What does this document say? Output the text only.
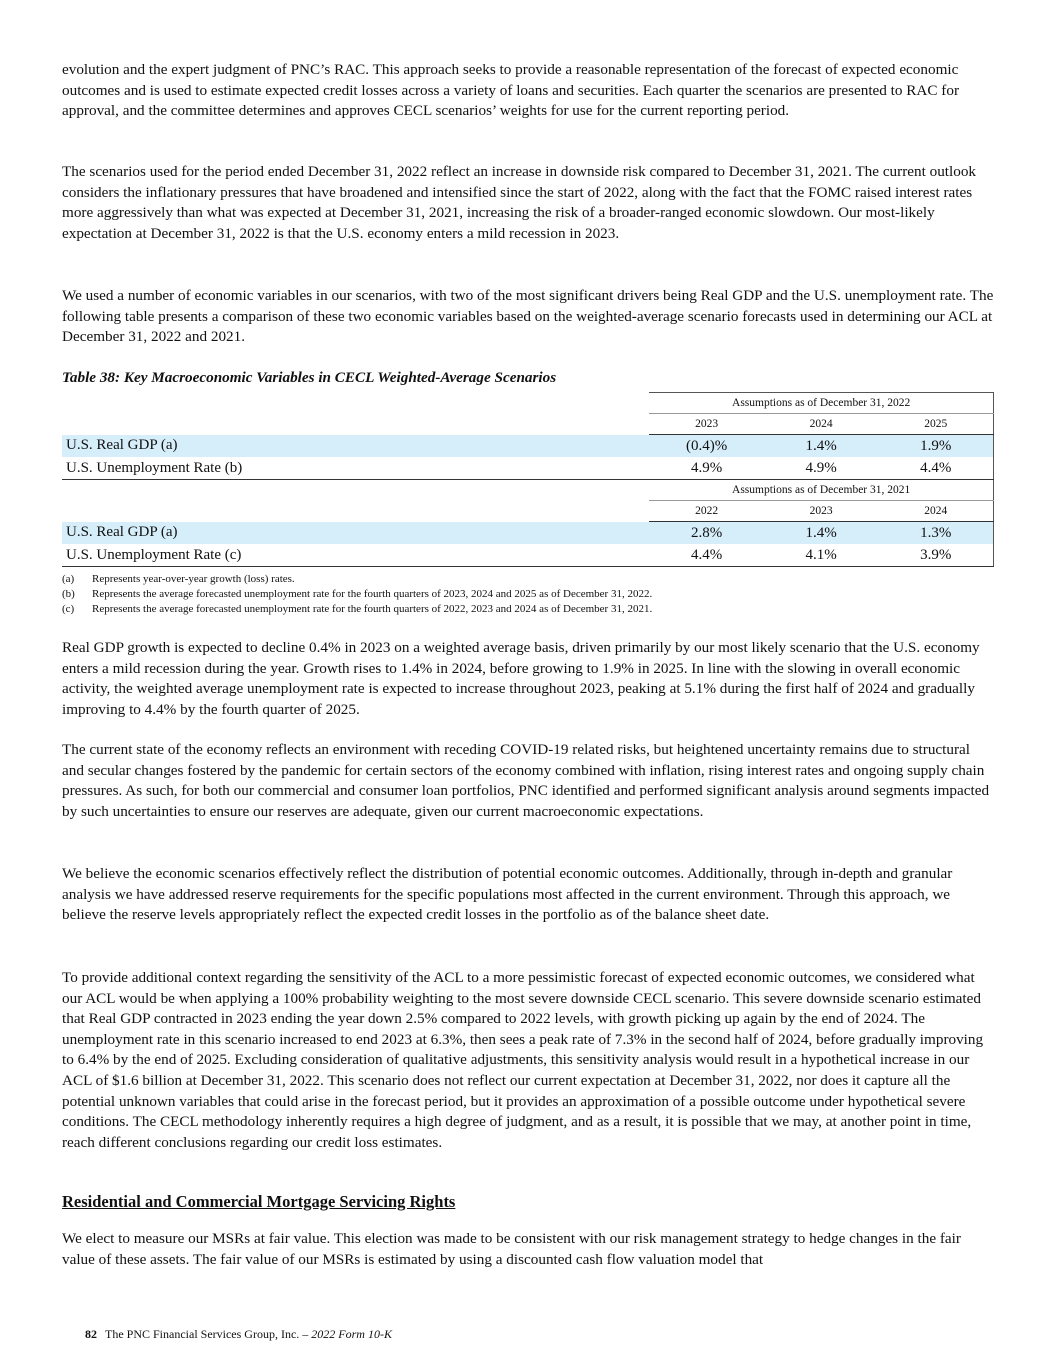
evolution and the expert judgment of PNC’s RAC. This approach seeks to provide a reasonable representation of the forecast of expected economic outcomes and is used to estimate expected credit losses across a variety of loans and securities. Each quarter the scenarios are presented to RAC for approval, and the committee determines and approves CECL scenarios’ weights for use for the current reporting period.

The scenarios used for the period ended December 31, 2022 reflect an increase in downside risk compared to December 31, 2021. The current outlook considers the inflationary pressures that have broadened and intensified since the start of 2022, along with the fact that the FOMC raised interest rates more aggressively than what was expected at December 31, 2021, increasing the risk of a broader-ranged economic slowdown. Our most-likely expectation at December 31, 2022 is that the U.S. economy enters a mild recession in 2023.

We used a number of economic variables in our scenarios, with two of the most significant drivers being Real GDP and the U.S. unemployment rate. The following table presents a comparison of these two economic variables based on the weighted-average scenario forecasts used in determining our ACL at December 31, 2022 and 2021.

Table 38: Key Macroeconomic Variables in CECL Weighted-Average Scenarios
	Assumptions as of December 31, 2022		
	2023	2024	2025
U.S. Real GDP (a)	(0.4)%	1.4%	1.9%
U.S. Unemployment Rate (b)	4.9%	4.9%	4.4%
	Assumptions as of December 31, 2021		
	2022	2023	2024
U.S. Real GDP (a)	2.8%	1.4%	1.3%
U.S. Unemployment Rate (c)	4.4%	4.1%	3.9%
(a)	Represents year-over-year growth (loss) rates.
(b)	Represents the average forecasted unemployment rate for the fourth quarters of 2023, 2024 and 2025 as of December 31, 2022.
(c)	Represents the average forecasted unemployment rate for the fourth quarters of 2022, 2023 and 2024 as of December 31, 2021.

Real GDP growth is expected to decline 0.4% in 2023 on a weighted average basis, driven primarily by our most likely scenario that the U.S. economy enters a mild recession during the year. Growth rises to 1.4% in 2024, before growing to 1.9% in 2025. In line with the slowing in overall economic activity, the weighted average unemployment rate is expected to increase throughout 2023, peaking at 5.1% during the first half of 2024 and gradually improving to 4.4% by the fourth quarter of 2025.

The current state of the economy reflects an environment with receding COVID-19 related risks, but heightened uncertainty remains due to structural and secular changes fostered by the pandemic for certain sectors of the economy combined with inflation, rising interest rates and ongoing supply chain pressures. As such, for both our commercial and consumer loan portfolios, PNC identified and performed significant analysis around segments impacted by such uncertainties to ensure our reserves are adequate, given our current macroeconomic expectations.

We believe the economic scenarios effectively reflect the distribution of potential economic outcomes. Additionally, through in-depth and granular analysis we have addressed reserve requirements for the specific populations most affected in the current environment. Through this approach, we believe the reserve levels appropriately reflect the expected credit losses in the portfolio as of the balance sheet date.

To provide additional context regarding the sensitivity of the ACL to a more pessimistic forecast of expected economic outcomes, we considered what our ACL would be when applying a 100% probability weighting to the most severe downside CECL scenario. This severe downside scenario estimated that Real GDP contracted in 2023 ending the year down 2.5% compared to 2022 levels, with growth picking up again by the end of 2024. The unemployment rate in this scenario increased to end 2023 at 6.3%, then sees a peak rate of 7.3% in the second half of 2024, before gradually improving to 6.4% by the end of 2025. Excluding consideration of qualitative adjustments, this sensitivity analysis would result in a hypothetical increase in our ACL of $1.6 billion at December 31, 2022. This scenario does not reflect our current expectation at December 31, 2022, nor does it capture all the potential unknown variables that could arise in the forecast period, but it provides an approximation of a possible outcome under hypothetical severe conditions. The CECL methodology inherently requires a high degree of judgment, and as a result, it is possible that we may, at another point in time, reach different conclusions regarding our credit loss estimates.

Residential and Commercial Mortgage Servicing Rights

We elect to measure our MSRs at fair value. This election was made to be consistent with our risk management strategy to hedge changes in the fair value of these assets. The fair value of our MSRs is estimated by using a discounted cash flow valuation model that

82 The PNC Financial Services Group, Inc. – 2022 Form 10-K
